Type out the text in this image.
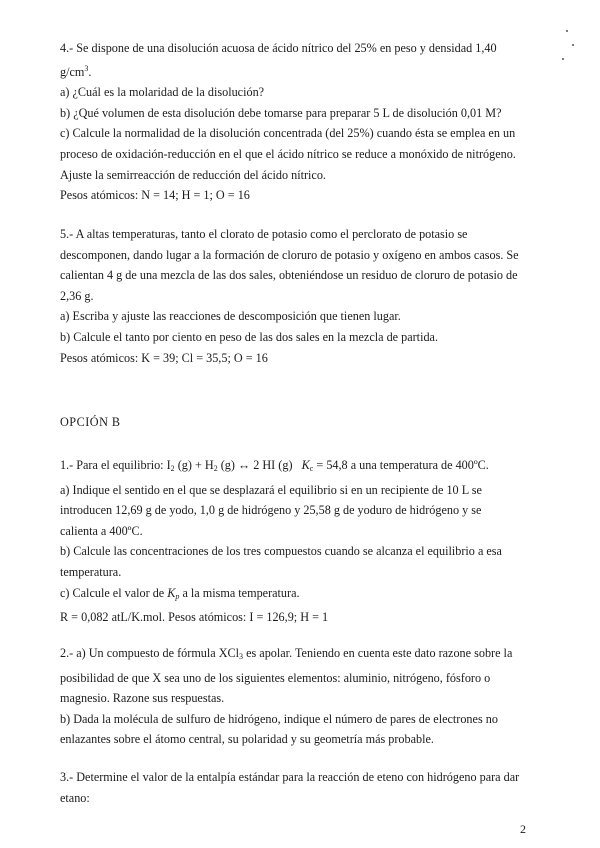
4.- Se dispone de una disolución acuosa de ácido nítrico del 25% en peso y densidad 1,40

$g/cm^3$.

a) ¿Cuál es la molaridad de la disolución?

b) ¿Qué volumen de esta disolución debe tomarse para preparar 5 L de disolución 0,01 M?

c) Calcule la normalidad de la disolución concentrada (del 25%) cuando ésta se emplea en un

proceso de oxidación-reducción en el que el ácido nítrico se reduce a monóxido de nitrógeno.

Ajuste la semirreacción de reducción del ácido nítrico.

Pesos atómicos: N = 14; H = 1; O = 16

5.- A altas temperaturas, tanto el clorato de potasio como el perclorato de potasio se

descomponen, dando lugar a la formación de cloruro de potasio y oxígeno en ambos casos. Se

calientan 4 g de una mezcla de las dos sales, obteniéndose un residuo de cloruro de potasio de

2,36 g.

a) Escriba y ajuste las reacciones de descomposición que tienen lugar.

b) Calcule el tanto por ciento en peso de las dos sales en la mezcla de partida.

Pesos atómicos: K = 39; Cl = 35,5; O = 16

OPCIÓN B

1.- Para el equilibrio: $I_2$ $(g) + H_2$ (g) ↔ 2 HI (g)   $K_c = 54,8$ a una temperatura de 400ºC.

a) Indique el sentido en el que se desplazará el equilibrio si en un recipiente de 10 L se

introducen 12,69 g de yodo, 1,0 g de hidrógeno y 25,58 g de yoduro de hidrógeno y se

calienta a 400ºC.

b) Calcule las concentraciones de los tres compuestos cuando se alcanza el equilibrio a esa

temperatura.

c) Calcule el valor de $K_p$ a la misma temperatura.

R = 0,082 atL/K.mol. Pesos atómicos: I = 126,9; H = 1

2.- a) Un compuesto de fórmula XCl$_3$ es apolar. Teniendo en cuenta este dato razone sobre la

posibilidad de que X sea uno de los siguientes elementos: aluminio, nitrógeno, fósforo o

magnesio. Razone sus respuestas.

b) Dada la molécula de sulfuro de hidrógeno, indique el número de pares de electrones no

enlazantes sobre el átomo central, su polaridad y su geometría más probable.

3.- Determine el valor de la entalpía estándar para la reacción de eteno con hidrógeno para dar

etano:

2
